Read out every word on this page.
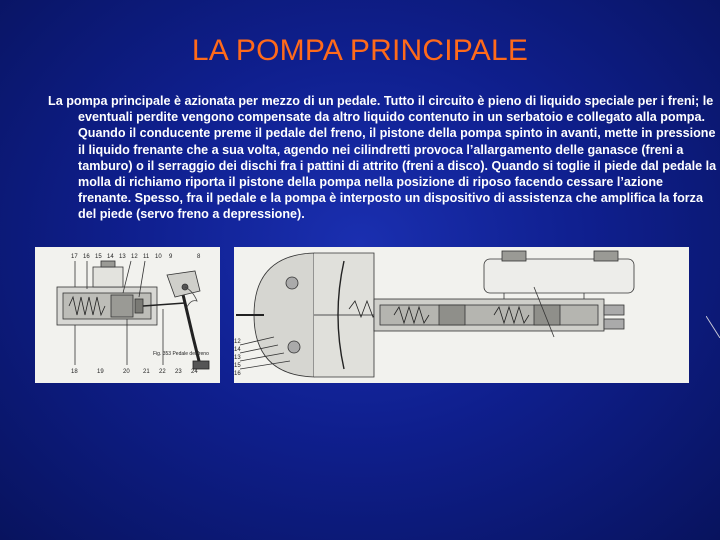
LA POMPA PRINCIPALE

La pompa principale è azionata per mezzo di un pedale. Tutto il circuito è pieno di liquido speciale per i freni; le eventuali perdite vengono compensate da altro liquido contenuto in un serbatoio e collegato alla pompa. Quando il conducente preme il pedale del freno, il pistone della pompa spinto in avanti, mette in pressione il liquido frenante che a sua volta, agendo nei cilindretti provoca l’allargamento delle ganasce (freni a tamburo) o il serraggio dei dischi fra i pattini di attrito (freni a disco). Quando si toglie il piede dal pedale la molla di richiamo riporta il pistone della pompa nella posizione di riposo facendo cessare l’azione frenante. Spesso, fra il pedale e la pompa è interposto un dispositivo di assistenza che amplifica la forza del piede (servo freno a depressione).

17 16 15 14 13 12 11 10 9	8
18	19	20 21 22 23 24
Fig. 353 Pedale del freno
12
14
13
15
16
